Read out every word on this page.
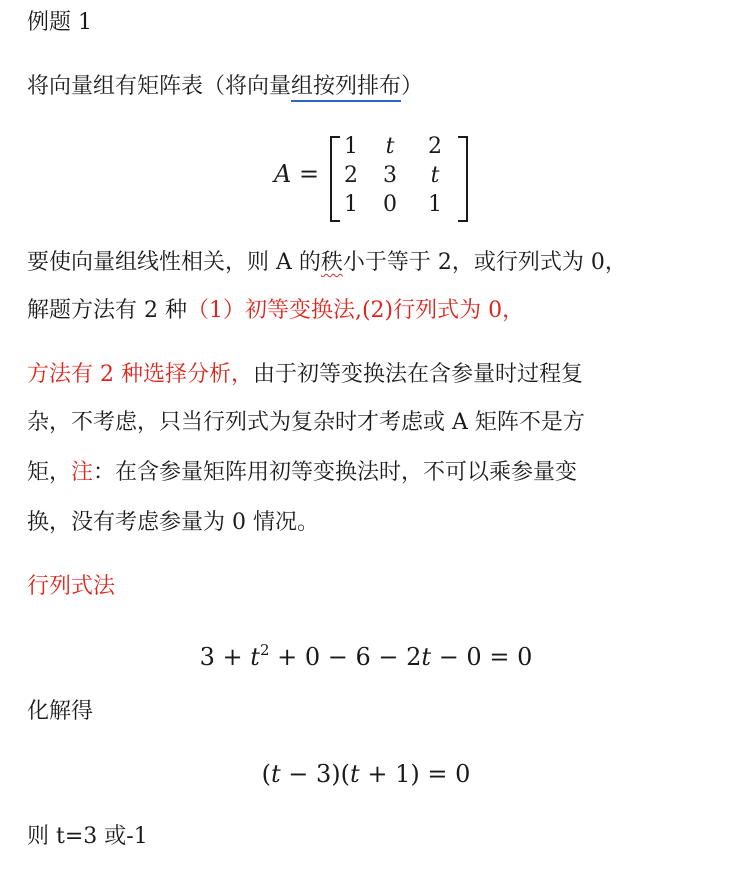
例题 1
将向量组有矩阵表（将向量组按列排布）
A =
1	t	2
2	3	t
1	0	1
要使向量组线性相关，则 A 的秩小于等于 2，或行列式为 0，
解题方法有 2 种（1）初等变换法,(2)行列式为 0，
方法有 2 种选择分析，由于初等变换法在含参量时过程复
杂，不考虑，只当行列式为复杂时才考虑或 A 矩阵不是方
矩，注：在含参量矩阵用初等变换法时，不可以乘参量变
换，没有考虑参量为 0 情况。
行列式法
$3 + t^2 + 0 - 6 - 2t - 0 = 0$
化解得
(t − 3)(t + 1) = 0
则 t=3 或-1
